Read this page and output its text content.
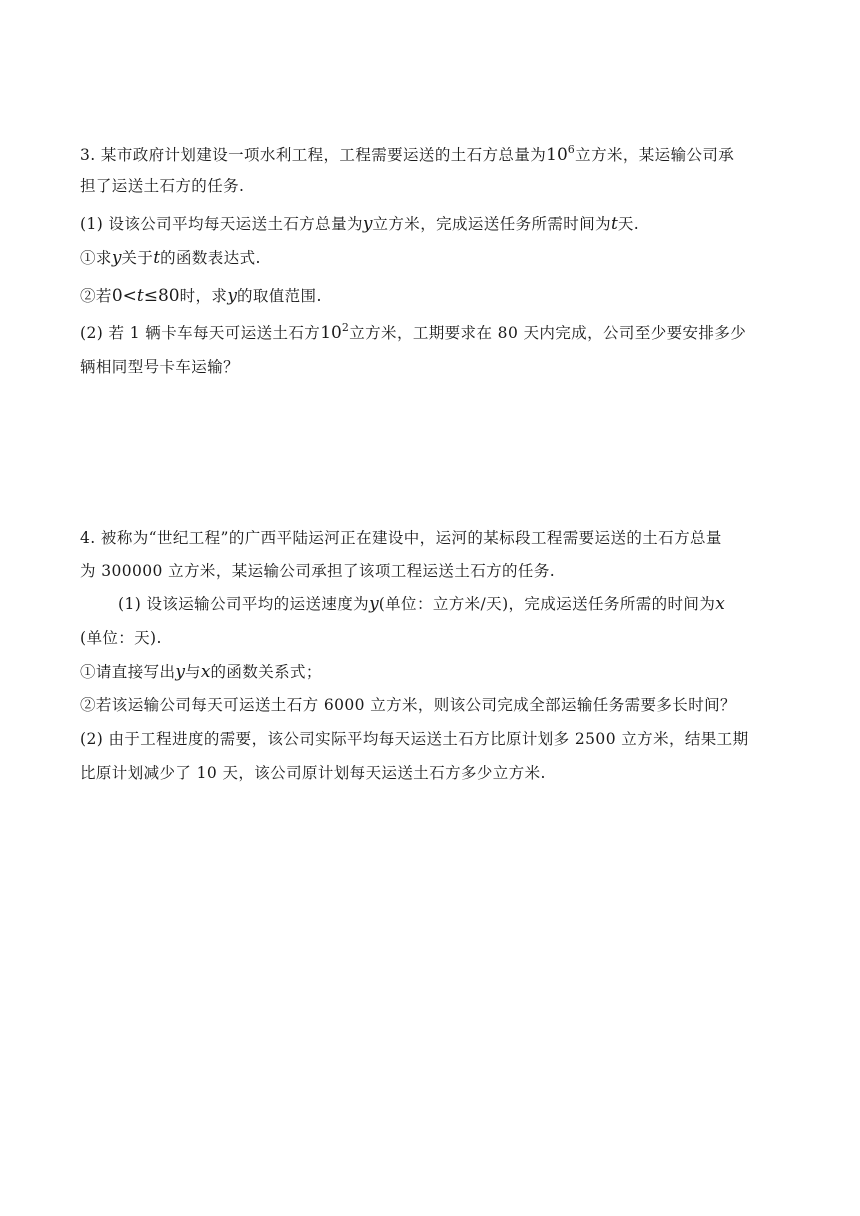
3. 某市政府计划建设一项水利工程，工程需要运送的土石方总量为$10^6$立方米，某运输公司承
担了运送土石方的任务.
(1) 设该公司平均每天运送土石方总量为y立方米，完成运送任务所需时间为t天.
①求y关于t的函数表达式.
②若0<t≤80时，求y的取值范围.
(2) 若 1 辆卡车每天可运送土石方$10^2$立方米，工期要求在 80 天内完成，公司至少要安排多少
辆相同型号卡车运输？
4. 被称为“世纪工程”的广西平陆运河正在建设中，运河的某标段工程需要运送的土石方总量
为 300000 立方米，某运输公司承担了该项工程运送土石方的任务.
(1) 设该运输公司平均的运送速度为y(单位：立方米/天)，完成运送任务所需的时间为x
(单位：天).
①请直接写出y与x的函数关系式；
②若该运输公司每天可运送土石方 6000 立方米，则该公司完成全部运输任务需要多长时间？
(2) 由于工程进度的需要，该公司实际平均每天运送土石方比原计划多 2500 立方米，结果工期
比原计划减少了 10 天，该公司原计划每天运送土石方多少立方米.
